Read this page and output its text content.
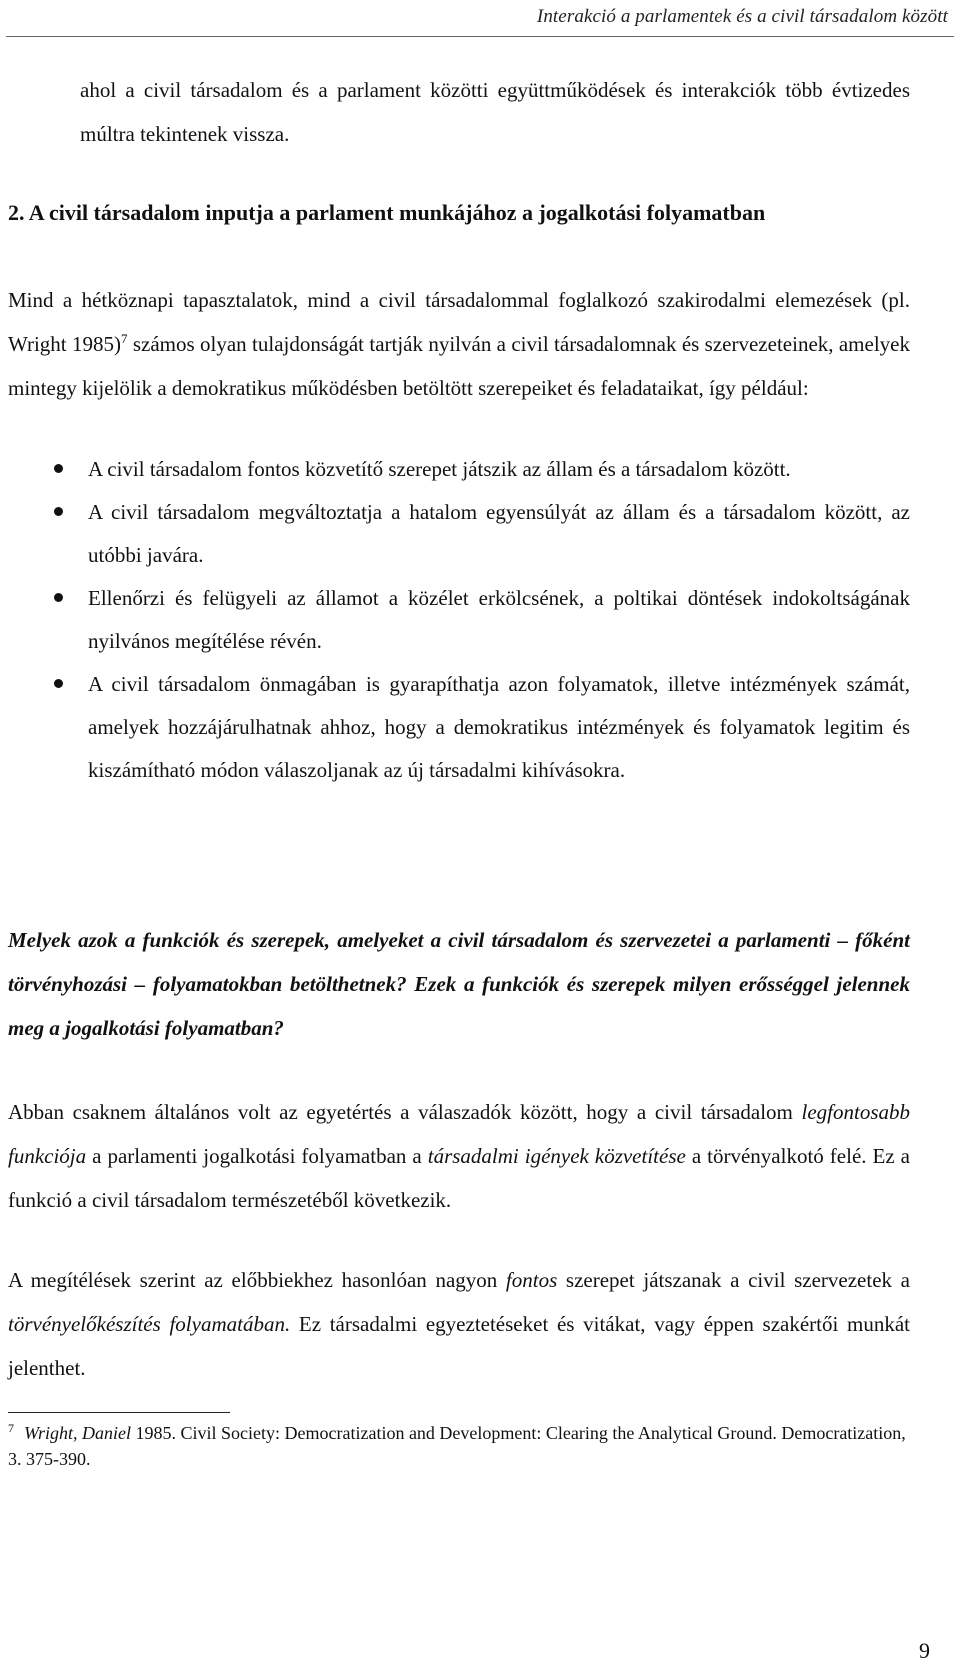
Interakció a parlamentek és a civil társadalom között
ahol a civil társadalom és a parlament közötti együttműködések és interakciók több évtizedes múltra tekintenek vissza.
2. A civil társadalom inputja a parlament munkájához a jogalkotási folyamatban
Mind a hétköznapi tapasztalatok, mind a civil társadalommal foglalkozó szakirodalmi elemezések (pl. Wright 1985)$^7$ számos olyan tulajdonságát tartják nyilván a civil társadalomnak és szervezeteinek, amelyek mintegy kijelölik a demokratikus működésben betöltött szerepeiket és feladataikat, így például:
A civil társadalom fontos közvetítő szerepet játszik az állam és a társadalom között.
A civil társadalom megváltoztatja a hatalom egyensúlyát az állam és a társadalom között, az utóbbi javára.
Ellenőrzi és felügyeli az államot a közélet erkölcsének, a poltikai döntések indokoltságának nyilvános megítélése révén.
A civil társadalom önmagában is gyarapíthatja azon folyamatok, illetve intézmények számát, amelyek hozzájárulhatnak ahhoz, hogy a demokratikus intézmények és folyamatok legitim és kiszámítható módon válaszoljanak az új társadalmi kihívásokra.
Melyek azok a funkciók és szerepek, amelyeket a civil társadalom és szervezetei a parlamenti – főként törvényhozási – folyamatokban betölthetnek? Ezek a funkciók és szerepek milyen erősséggel jelennek meg a jogalkotási folyamatban?
Abban csaknem általános volt az egyetértés a válaszadók között, hogy a civil társadalom legfontosabb funkciója a parlamenti jogalkotási folyamatban a társadalmi igények közvetítése a törvényalkotó felé. Ez a funkció a civil társadalom természetéből következik.
A megítélések szerint az előbbiekhez hasonlóan nagyon fontos szerepet játszanak a civil szervezetek a törvényelőkészítés folyamatában. Ez társadalmi egyeztetéseket és vitákat, vagy éppen szakértői munkát jelenthet.
$^7$ Wright, Daniel 1985. Civil Society: Democratization and Development: Clearing the Analytical Ground. Democratization, 3. 375-390.
9
